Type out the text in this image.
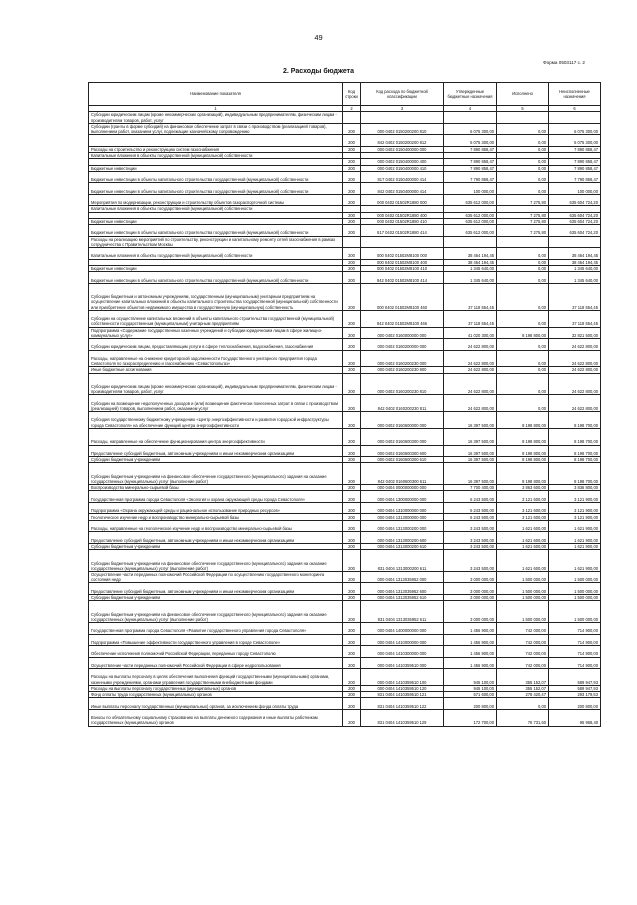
49
Форма 0503117 с. 2
2. Расходы бюджета
Наименование показателя	Код строки	Код расхода по бюджетной классификации	Утвержденные бюджетные назначения	Исполнено	Неисполненные назначения
1	2	3	4	5	6
Субсидии юридическим лицам (кроме некоммерческих организаций), индивидуальным предпринимателям, физическим лицам - производителям товаров, работ, услуг					
Субсидии (гранты в форме субсидий) на финансовое обеспечение затрат в связи с производством (реализацией товаров), выполнением работ, оказанием услуг, подлежащие казначейскому сопровождению	200	000 0402 0150200200 810	6 075 300,00	0,00	6 075 300,00
	200	842 0402 0150200200 812	6 075 300,00	0,00	6 075 300,00
Расходы на строительство и реконструкцию систем газоснабжения	200	000 0402 0150400000 000	7 890 858,47	0,00	7 890 858,47
Капитальные вложения в объекты государственной (муниципальной) собственности					
	200	000 0402 0150400000 400	7 890 858,47	0,00	7 890 858,47
Бюджетные инвестиции	200	000 0402 0150400000 410	7 890 858,47	0,00	7 890 858,47
Бюджетные инвестиции в объекты капитального строительства государственной (муниципальной) собственности	200	817 0402 0150400000 414	7 790 858,47	0,00	7 790 858,47
Бюджетные инвестиции в объекты капитального строительства государственной (муниципальной) собственности	200	842 0402 0150400000 414	100 000,00	0,00	100 000,00
Мероприятия по модернизации, реконструкции и строительству объектов газораспорточной системы	200	000 0402 01502R1880 000	635 612 000,00	7 275,80	635 604 724,20
Капитальные вложения в объекты государственной (муниципальной) собственности					
	200	000 0402 01502R1880 400	635 612 000,00	7 275,80	635 604 724,20
Бюджетные инвестиции	200	000 0402 01502R1880 410	635 612 000,00	7 275,80	635 604 724,20
Бюджетные инвестиции в объекты капитального строительства государственной (муниципальной) собственности	200	817 0402 01502R1880 414	635 612 000,00	7 275,80	635 604 724,20
Расходы на реализацию мероприятий по строительству, реконструкции и капитальному ремонту сетей газоснабжения в рамках сотрудничества с Правительством Москвы					
Капитальные вложения в объекты государственной (муниципальной) собственности	200	000 0402 01502М8100 000	38 464 194,45	0,00	38 464 194,45
	200	000 0402 01502М8100 400	38 464 194,45	0,00	38 464 194,45
Бюджетные инвестиции	200	000 0402 01502М8100 410	1 345 640,00	0,00	1 345 640,00
Бюджетные инвестиции в объекты капитального строительства государственной (муниципальной) собственности	200	842 0402 01502М8100 414	1 345 640,00	0,00	1 345 640,00
Субсидии бюджетным и автономным учреждениям, государственным (муниципальным) унитарным предприятиям на осуществление капитальных вложений в объекты капитального строительства государственной (муниципальной) собственности или приобретение объектов недвижимого имущества в государственную (муниципальную) собственность	200	000 0402 01502М8100 460	37 118 554,45	0,00	37 118 554,45
Субсидии на осуществление капитальных вложений в объекты капитального строительства государственной (муниципальной) собственности государственным (муниципальным) унитарным предприятиям	200	842 0402 01502М8100 466	37 118 554,45	0,00	37 118 554,45
Подпрограмма «Содержание государственных казенных учреждений и субсидии юридическим лицам в сфере жилищно-коммунальных услуг»	200	000 0402 0160000000 000	41 020 300,00	8 198 800,00	32 821 500,00
Субсидии юридическим лицам, предоставляющим услуги в сфере теплоснабжения, водоснабжения, газоснабжения	200	000 0402 0160200000 000	24 622 800,00	0,00	24 622 800,00
Расходы, направленные на снижение кредиторской задолженности Государственного унитарного предприятия города Севастополя по газораспределению и газоснабжению «Севастопольгаз»	200	000 0402 0160200230 000	24 622 800,00	0,00	24 622 800,00
Иные бюджетные ассигнования	200	000 0402 0160200230 800	24 622 800,00	0,00	24 622 800,00
Субсидии юридическим лицам (кроме некоммерческих организаций), индивидуальным предпринимателям, физическим лицам - производителям товаров, работ, услуг	200	000 0402 0160200230 810	24 622 800,00	0,00	24 622 800,00
Субсидии на возмещение недополученных доходов и (или) возмещение фактически понесенных затрат в связи с производством (реализацией) товаров, выполнением работ, оказанием услуг	200	842 0402 0160200230 811	24 622 800,00	0,00	24 622 800,00
Субсидия государственному бюджетному учреждению «Центр энергоэффективности и развития городской инфраструктуры города Севастополя» на обеспечение функций центра энергоэффективности	200	000 0402 0160600000 000	16 397 500,00	8 198 800,00	8 198 700,00
Расходы, направленные на обеспечение функционирования центра энергоэффективности	200	000 0402 0160600300 000	16 397 500,00	8 198 800,00	8 198 700,00
Предоставление субсидий бюджетным, автономным учреждениям и иным некоммерческим организациям	200	000 0402 0160600300 600	16 397 500,00	8 198 800,00	8 198 700,00
Субсидии бюджетным учреждениям	200	000 0402 0160600300 610	16 397 500,00	8 198 800,00	8 198 700,00
Субсидии бюджетным учреждениям на финансовое обеспечение государственного (муниципального) задания на оказание государственных (муниципальных) услуг (выполнение работ)	200	842 0402 0160600300 611	16 397 500,00	8 198 800,00	8 198 700,00
Воспроизводство минерально-сырьевой базы	200	000 0404 0000000000 000	7 700 400,00	3 863 600,00	3 836 800,00
Государственная программа города Севастополя «Экология и охрана окружающей среды города Севастополя»	200	000 0404 1300000000 000	6 243 500,00	3 121 600,00	3 121 900,00
Подпрограмма «Охрана окружающей среды и рациональное использование природных ресурсов»	200	000 0404 1310000000 000	6 243 500,00	3 121 600,00	3 121 900,00
Геологическое изучение недр и воспроизводство минерально-сырьевой базы	200	000 0404 1313000000 000	6 243 500,00	3 121 600,00	3 121 900,00
Расходы, направленные на геологическое изучение недр и воспроизводство минерально-сырьевой базы	200	000 0404 1313000200 000	3 243 500,00	1 621 600,00	1 621 900,00
Предоставление субсидий бюджетным, автономным учреждениям и иным некоммерческим организациям	200	000 0404 1313000200 600	3 243 500,00	1 621 600,00	1 621 900,00
Субсидии бюджетным учреждениям	200	000 0404 1313000200 610	3 243 500,00	1 621 600,00	1 621 900,00
Субсидии бюджетным учреждениям на финансовое обеспечение государственного (муниципального) задания на оказание государственных (муниципальных) услуг (выполнение работ)	200	831 0404 1313000200 611	3 243 500,00	1 621 600,00	1 621 900,00
Осуществление части переданных полномочий Российской Федерации по осуществлению государственного мониторинга состояния недр	200	000 0404 1313035952 000	3 000 000,00	1 500 000,00	1 500 000,00
Предоставление субсидий бюджетным, автономным учреждениям и иным некоммерческим организациям	200	000 0404 1313035952 600	3 000 000,00	1 500 000,00	1 500 000,00
Субсидии бюджетным учреждениям	200	000 0404 1313035952 610	3 000 000,00	1 500 000,00	1 500 000,00
Субсидии бюджетным учреждениям на финансовое обеспечение государственного (муниципального) задания на оказание государственных (муниципальных) услуг (выполнение работ)	200	831 0404 1313035952 611	3 000 000,00	1 500 000,00	1 500 000,00
Государственная программа города Севастополя «Развитие государственного управления города Севастополя»	200	000 0404 1400000000 000	1 456 900,00	742 000,00	714 900,00
Подпрограмма «Повышение эффективности государственного управления в городе Севастополе»	200	000 0404 1410000000 000	1 456 900,00	742 000,00	714 900,00
Обеспечение исполнения полномочий Российской Федерации, переданных городу Севастополю	200	000 0404 1410300000 000	1 456 900,00	742 000,00	714 900,00
Осуществление части переданных полномочий Российской Федерации в сфере недропользования	200	000 0404 1410359510 000	1 456 900,00	742 000,00	714 900,00
Расходы на выплаты персоналу в целях обеспечения выполнения функций государственными (муниципальными) органами, казенными учреждениями, органами управления государственными внебюджетными фондами	200	000 0404 1410359510 100	945 100,00	355 152,07	589 947,93
Расходы на выплаты персоналу государственных (муниципальных) органов	200	000 0404 1410359510 120	945 100,00	355 152,07	589 947,93
Фонд оплаты труда государственных (муниципальных) органов	200	831 0404 1410359510 121	571 600,00	278 420,47	293 179,53
Иные выплаты персоналу государственных (муниципальных) органов, за исключением фонда оплаты труда	200	831 0404 1410359510 122	200 800,00	0,00	200 800,00
Взносы по обязательному социальному страхованию на выплаты денежного содержания и иные выплаты работникам государственных (муниципальных) органов	200	831 0404 1410359510 129	172 700,00	76 731,60	95 968,40
